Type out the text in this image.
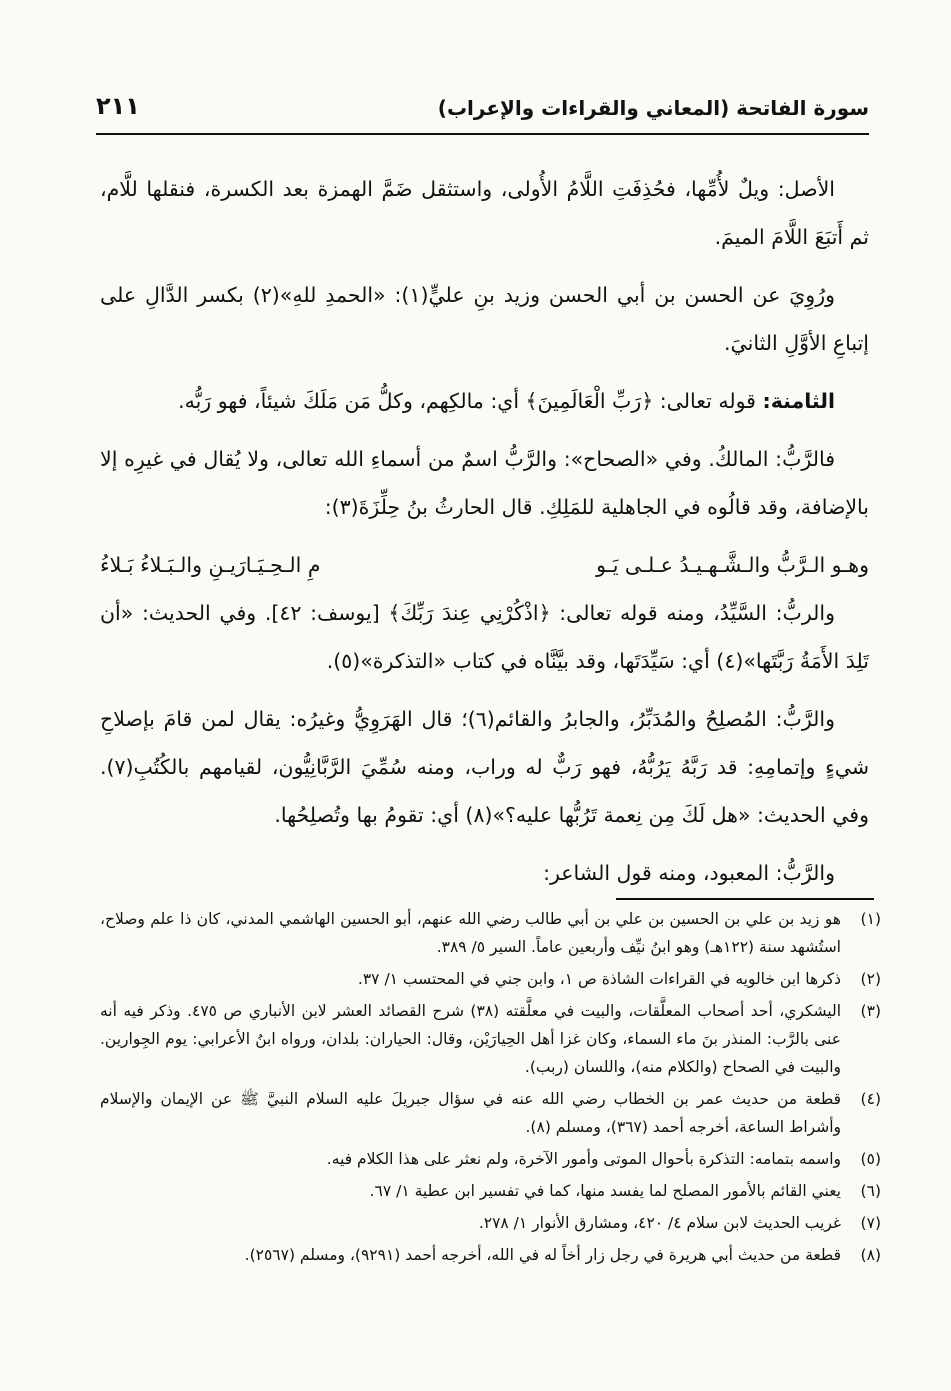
سورة الفاتحة (المعاني والقراءات والإعراب)
٢١١

الأصل: ويلٌ لأُمِّها، فحُذِفَتِ اللَّامُ الأُولى، واستثقل ضَمَّ الهمزة بعد الكسرة، فنقلها للَّام، ثم أَتبَعَ اللَّامَ الميمَ.

ورُوِيَ عن الحسن بن أبي الحسن وزيد بنِ عليٍّ(١): «الحمدِ للهِ»(٢) بكسر الدَّالِ على إتباعِ الأوَّلِ الثانيَ.

الثامنة: قوله تعالى: ﴿رَبِّ الْعَالَمِينَ﴾ أي: مالكِهم، وكلُّ مَن مَلَكَ شيئاً، فهو رَبُّه.

فالرَّبُّ: المالكُ. وفي «الصحاح»: والرَّبُّ اسمٌ من أسماءِ الله تعالى، ولا يُقال في غيرِه إلا بالإضافة، وقد قالُوه في الجاهلية للمَلِكِ. قال الحارثُ بنُ حِلِّزَةَ(٣):

وهـو الـرَّبُّ والـشَّـهـيـدُ عـلـى يَـو
مِ الـحِـيَـارَيـنِ والـبَـلاءُ بَـلاءُ

والربُّ: السَّيِّدُ، ومنه قوله تعالى: ﴿اذْكُرْنِي عِندَ رَبِّكَ﴾ [يوسف: ٤٢]. وفي الحديث: «أن تَلِدَ الأَمَةُ رَبَّتَها»(٤) أي: سَيِّدَتَها، وقد بيَّنَّاه في كتاب «التذكرة»(٥).

والرَّبُّ: المُصلِحُ والمُدَبِّرُ، والجابرُ والقائم(٦)؛ قال الهَرَوِيُّ وغيرُه: يقال لمن قامَ بإصلاحِ شيءٍ وإتمامِهِ: قد رَبَّهُ يَرُبُّهُ، فهو رَبٌّ له وراب، ومنه سُمِّيَ الرَّبَّانِيُّون، لقيامهم بالكُتُبِ(٧). وفي الحديث: «هل لَكَ مِن نِعمة تَرُبُّها عليه؟»(٨) أي: تقومُ بها وتُصلِحُها.

والرَّبُّ: المعبود، ومنه قول الشاعر:

(١)
هو زيد بن علي بن الحسين بن علي بن أبي طالب رضي الله عنهم، أبو الحسين الهاشمي المدني، كان ذا علم وصلاح، استُشهد سنة (١٢٢هـ) وهو ابنُ نيِّف وأربعين عاماً. السير ٥/ ٣٨٩.
(٢)
ذكرها ابن خالويه في القراءات الشاذة ص ١، وابن جني في المحتسب ١/ ٣٧.
(٣)
اليشكري، أحد أصحاب المعلَّقات، والبيت في معلَّقته (٣٨) شرح القصائد العشر لابن الأنباري ص ٤٧٥. وذكر فيه أنه عنى بالرَّب: المنذر بنَ ماء السماء، وكان غزا أهل الحِيارَيْن، وقال: الحياران: بلدان، ورواه ابنُ الأعرابي: يوم الجِوارين. والبيت في الصحاح (والكلام منه)، واللسان (ربب).
(٤)
قطعة من حديث عمر بن الخطاب رضي الله عنه في سؤال جبريلَ عليه السلام النبيَّ ﷺ عن الإيمان والإسلام وأشراط الساعة، أخرجه أحمد (٣٦٧)، ومسلم (٨).
(٥)
واسمه بتمامه: التذكرة بأحوال الموتى وأمور الآخرة، ولم نعثر على هذا الكلام فيه.
(٦)
يعني القائم بالأمور المصلح لما يفسد منها، كما في تفسير ابن عطية ١/ ٦٧.
(٧)
غريب الحديث لابن سلام ٤/ ٤٢٠، ومشارق الأنوار ١/ ٢٧٨.
(٨)
قطعة من حديث أبي هريرة في رجل زار أخاً له في الله، أخرجه أحمد (٩٢٩١)، ومسلم (٢٥٦٧).
